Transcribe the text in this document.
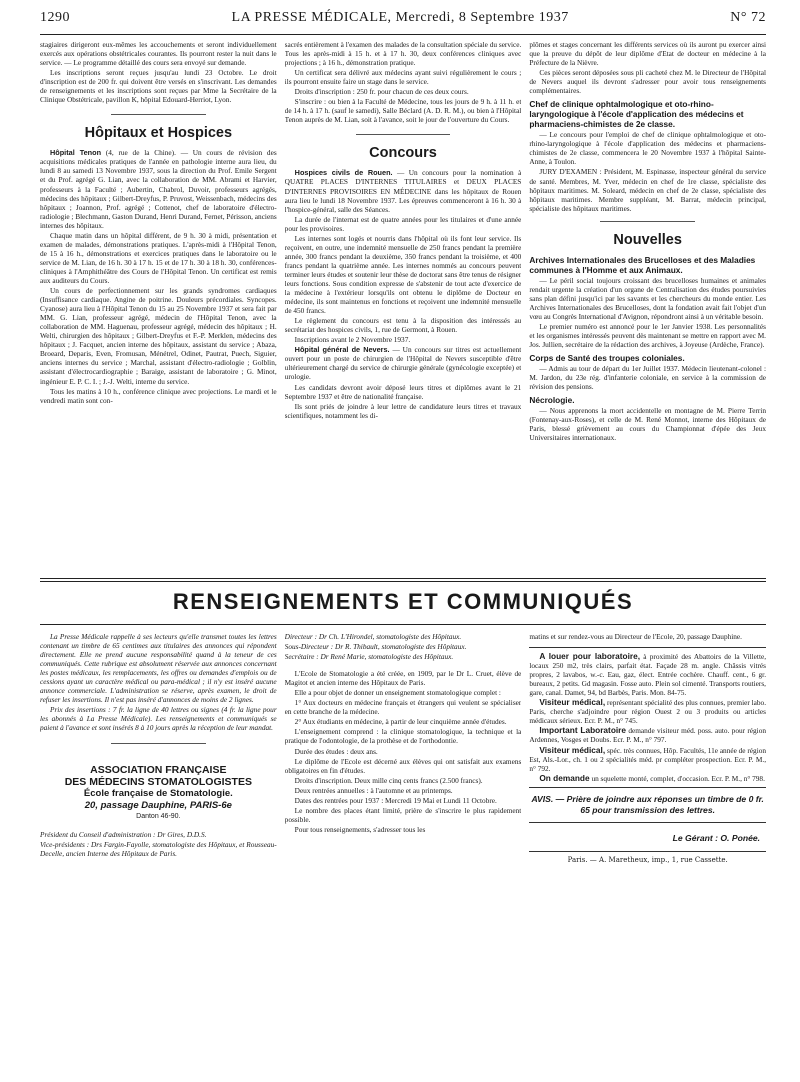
1290	LA PRESSE MÉDICALE, Mercredi, 8 Septembre 1937	N° 72

stagiaires dirigeront eux-mêmes les accouchements et seront individuellement exercés aux opérations obstétricales courantes. Ils pourront rester la nuit dans le service. — Le programme détaillé des cours sera envoyé sur demande.

Les inscriptions seront reçues jusqu'au lundi 23 Octobre. Le droit d'inscription est de 200 fr. qui doivent être versés en s'inscrivant. Les demandes de renseignements et les inscriptions sont reçues par Mme la Secrétaire de la Clinique Obstétricale, pavillon K, hôpital Edouard-Herriot, Lyon.

Hôpitaux et Hospices

Hôpital Tenon (4, rue de la Chine). — Un cours de révision des acquisitions médicales pratiques de l'année en pathologie interne aura lieu, du lundi 8 au samedi 13 Novembre 1937, sous la direction du Prof. Emile Sergent et du Prof. agrégé G. Lian, avec la collaboration de MM. Abrami et Harvier, professeurs à la Faculté ; Aubertin, Chabrol, Duvoir, professeurs agrégés, médecins des hôpitaux ; Gilbert-Dreyfus, P. Pruvost, Weissenbach, médecins des hôpitaux ; Joannon, Prof. agrégé ; Cottenot, chef de laboratoire d'électro-radiologie ; Blechmann, Gaston Durand, Henri Durand, Fernet, Périsson, anciens internes des hôpitaux.

Chaque matin dans un hôpital différent, de 9 h. 30 à midi, présentation et examen de malades, démonstrations pratiques. L'après-midi à l'Hôpital Tenon, de 15 à 16 h., démonstrations et exercices pratiques dans le laboratoire ou le service de M. Lian, de 16 h. 30 à 17 h. 15 et de 17 h. 30 à 18 h. 30, conférences-cliniques à l'Amphithéâtre des Cours de l'Hôpital Tenon. Un certificat est remis aux auditeurs du Cours.

Un cours de perfectionnement sur les grands syndromes cardiaques (Insuffisance cardiaque. Angine de poitrine. Douleurs précordiales. Syncopes. Cyanose) aura lieu à l'Hôpital Tenon du 15 au 25 Novembre 1937 et sera fait par MM. G. Lian, professeur agrégé, médecin de l'Hôpital Tenon, avec la collaboration de MM. Haguenau, professeur agrégé, médecin des hôpitaux ; H. Welti, chirurgien des hôpitaux ; Gilbert-Dreyfus et F.-P. Merklen, médecins des hôpitaux ; J. Facquet, ancien interne des hôpitaux, assistant du service ; Abaza, Broeard, Deparis, Even, Fromusan, Ménétrel, Odinet, Pautrat, Puech, Siguier, anciens internes du service ; Marchal, assistant d'électro-radiologie ; Golblin, assistant d'électrocardiographie ; Baraige, assistant de laboratoire ; G. Minot, ingénieur E. P. C. I. ; J.-J. Welti, interne du service.

Tous les matins à 10 h., conférence clinique avec projections. Le mardi et le vendredi matin sont con-

sacrés entièrement à l'examen des malades de la consultation spéciale du service. Tous les après-midi à 15 h. et à 17 h. 30, deux conférences cliniques avec projections ; à 16 h., démonstration pratique.

Un certificat sera délivré aux médecins ayant suivi régulièrement le cours ; ils pourront ensuite faire un stage dans le service.

Droits d'inscription : 250 fr. pour chacun de ces deux cours.

S'inscrire : ou bien à la Faculté de Médecine, tous les jours de 9 h. à 11 h. et de 14 h. à 17 h. (sauf le samedi), Salle Béclard (A. D. R. M.), ou bien à l'Hôpital Tenon auprès de M. Lian, soit à l'avance, soit le jour de l'ouverture du Cours.

Concours

Hospices civils de Rouen. — Un concours pour la nomination à QUATRE PLACES D'INTERNES TITULAIRES et DEUX PLACES D'INTERNES PROVISOIRES EN MÉDECINE dans les hôpitaux de Rouen aura lieu le lundi 18 Novembre 1937. Les épreuves commenceront à 16 h. 30 à l'hospice-général, salle des Séances.

La durée de l'internat est de quatre années pour les titulaires et d'une année pour les provisoires.

Les internes sont logés et nourris dans l'hôpital où ils font leur service. Ils reçoivent, en outre, une indemnité mensuelle de 250 francs pendant la première année, 300 francs pendant la deuxième, 350 francs pendant la troisième, et 400 francs pendant la quatrième année. Les internes nommés au concours peuvent terminer leurs études et soutenir leur thèse de doctorat sans être tenus de résigner leurs fonctions. Sous condition expresse de s'abstenir de tout acte d'exercice de la médecine à l'extérieur lorsqu'ils ont obtenu le diplôme de Docteur en médecine, ils sont maintenus en fonctions et reçoivent une indemnité mensuelle de 450 francs.

Le règlement du concours est tenu à la disposition des intéressés au secrétariat des hospices civils, 1, rue de Germont, à Rouen.

Inscriptions avant le 2 Novembre 1937.

Hôpital général de Nevers. — Un concours sur titres est actuellement ouvert pour un poste de chirurgien de l'Hôpital de Nevers susceptible d'être ultérieurement chargé du service de chirurgie générale (gynécologie exceptée) et urologie.

Les candidats devront avoir déposé leurs titres et diplômes avant le 21 Septembre 1937 et être de nationalité française.

Ils sont priés de joindre à leur lettre de candidature leurs titres et travaux scientifiques, notamment les di-

plômes et stages concernant les différents services où ils auront pu exercer ainsi que la preuve du dépôt de leur diplôme d'Etat de docteur en médecine à la Préfecture de la Nièvre.

Ces pièces seront déposées sous pli cacheté chez M. le Directeur de l'Hôpital de Nevers auquel ils devront s'adresser pour avoir tous renseignements complémentaires.

Chef de clinique ophtalmologique et oto-rhino-laryngologique à l'école d'application des médecins et pharmaciens-chimistes de 2e classe.

— Le concours pour l'emploi de chef de clinique ophtalmologique et oto-rhino-laryngologique à l'école d'application des médecins et pharmaciens-chimistes de 2e classe, commencera le 20 Novembre 1937 à l'hôpital Sainte-Anne, à Toulon.

JURY D'EXAMEN : Président, M. Espinasse, inspecteur général du service de santé. Membres, M. Yver, médecin en chef de 1re classe, spécialiste des hôpitaux maritimes. M. Soleard, médecin en chef de 2e classe, spécialiste des hôpitaux maritimes. Membre suppléant, M. Barrat, médecin principal, spécialiste des hôpitaux maritimes.

Nouvelles
Archives Internationales des Brucelloses et des Maladies communes à l'Homme et aux Animaux.

— Le péril social toujours croissant des brucelloses humaines et animales rendait urgente la création d'un organe de Centralisation des études poursuivies sans plan défini jusqu'ici par les savants et les chercheurs du monde entier. Les Archives Internationales des Brucelloses, dont la fondation avait fait l'objet d'un vœu au Congrès International d'Avignon, répondront ainsi à un véritable besoin.

Le premier numéro est annoncé pour le 1er Janvier 1938. Les personnalités et les organismes intéressés peuvent dès maintenant se mettre en rapport avec M. Jos. Jullien, secrétaire de la rédaction des archives, à Joyeuse (Ardèche, France).

Corps de Santé des troupes coloniales.

— Admis au tour de départ du 1er Juillet 1937. Médecin lieutenant-colonel : M. Jardon, du 23e rég. d'infanterie coloniale, en service à la commission de révision des pensions.

Nécrologie.

— Nous apprenons la mort accidentelle en montagne de M. Pierre Terrin (Fontenay-aux-Roses), et celle de M. René Monnot, interne des Hôpitaux de Paris, blessé grièvement au cours du Championnat d'épée des Jeux Universitaires internationaux.

RENSEIGNEMENTS ET COMMUNIQUÉS

La Presse Médicale rappelle à ses lecteurs qu'elle transmet toutes les lettres contenant un timbre de 65 centimes aux titulaires des annonces qui répondent directement. Elle ne prend aucune responsabilité quand à la teneur de ces communiqués. Cette rubrique est absolument réservée aux annonces concernant les postes médicaux, les remplacements, les offres ou demandes d'emplois ou de cessions ayant un caractère médical ou para-médical ; il n'y est inséré aucune annonce commerciale. L'administration se réserve, après examen, le droit de refuser les insertions. Il n'est pas inséré d'annonces de moins de 2 lignes.

Prix des insertions : 7 fr. la ligne de 40 lettres ou signes (4 fr. la ligne pour les abonnés à La Presse Médicale). Les renseignements et communiqués se paient à l'avance et sont insérés 8 à 10 jours après la réception de leur mandat.

ASSOCIATION FRANÇAISE
DES MÉDECINS STOMATOLOGISTES
École française de Stomatologie.
20, passage Dauphine, PARIS-6e
Danton 46-90.

Président du Conseil d'administration : Dr Gires, D.D.S.

Vice-présidents : Drs Fargin-Fayolle, stomatologiste des Hôpitaux, et Rousseau-Decelle, ancien Interne des Hôpitaux de Paris.

Directeur : Dr Ch. L'Hirondel, stomatologiste des Hôpitaux.

Sous-Directeur : Dr R. Thibault, stomatologiste des Hôpitaux.

Secrétaire : Dr René Marie, stomatologiste des Hôpitaux.

L'Ecole de Stomatologie a été créée, en 1909, par le Dr L. Cruet, élève de Magitot et ancien interne des Hôpitaux de Paris.

Elle a pour objet de donner un enseignement stomatologique complet :

1° Aux docteurs en médecine français et étrangers qui veulent se spécialiser en cette branche de la médecine.

2° Aux étudiants en médecine, à partir de leur cinquième année d'études.

L'enseignement comprend : la clinique stomatologique, la technique et la pratique de l'odontologie, de la prothèse et de l'orthodontie.

Durée des études : deux ans.

Le diplôme de l'Ecole est décerné aux élèves qui ont satisfait aux examens obligatoires en fin d'études.

Droits d'inscription. Deux mille cinq cents francs (2.500 francs).

Deux rentrées annuelles : à l'automne et au printemps.

Dates des rentrées pour 1937 : Mercredi 19 Mai et Lundi 11 Octobre.

Le nombre des places étant limité, prière de s'inscrire le plus rapidement possible.

Pour tous renseignements, s'adresser tous les

matins et sur rendez-vous au Directeur de l'Ecole, 20, passage Dauphine.

A louer pour laboratoire, à proximité des Abattoirs de la Villette, locaux 250 m2, très clairs, parfait état. Façade 28 m. angle. Châssis vitrés propres, 2 lavabos, w.-c. Eau, gaz, élect. Entrée cochère. Chauff. cent., 6 gr. bureaux, 2 petits. Gd magasin. Fosse auto. Plein sol cimenté. Transports routiers, gare, canal. Damet, 94, bd Barbès, Paris. Mon. 84-75.

Visiteur médical, représentant spécialité des plus connues, premier labo. Paris, cherche s'adjoindre pour région Ouest 2 ou 3 produits ou articles médicaux sérieux. Ecr. P. M., n° 745.

Important Laboratoire demande visiteur méd. poss. auto. pour région Ardennes, Vosges et Doubs. Ecr. P. M., n° 797.

Visiteur médical, spéc. très connues, Hôp. Facultés, 11e année de région Est, Als.-Lor., ch. 1 ou 2 spécialités méd. pr compléter prospection. Ecr. P. M., n° 792.

On demande un squelette monté, complet, d'occasion. Ecr. P. M., n° 798.

AVIS. — Prière de joindre aux réponses un timbre de 0 fr. 65 pour transmission des lettres.
Le Gérant : O. Ponée.
Paris. — A. Maretheux, imp., 1, rue Cassette.
